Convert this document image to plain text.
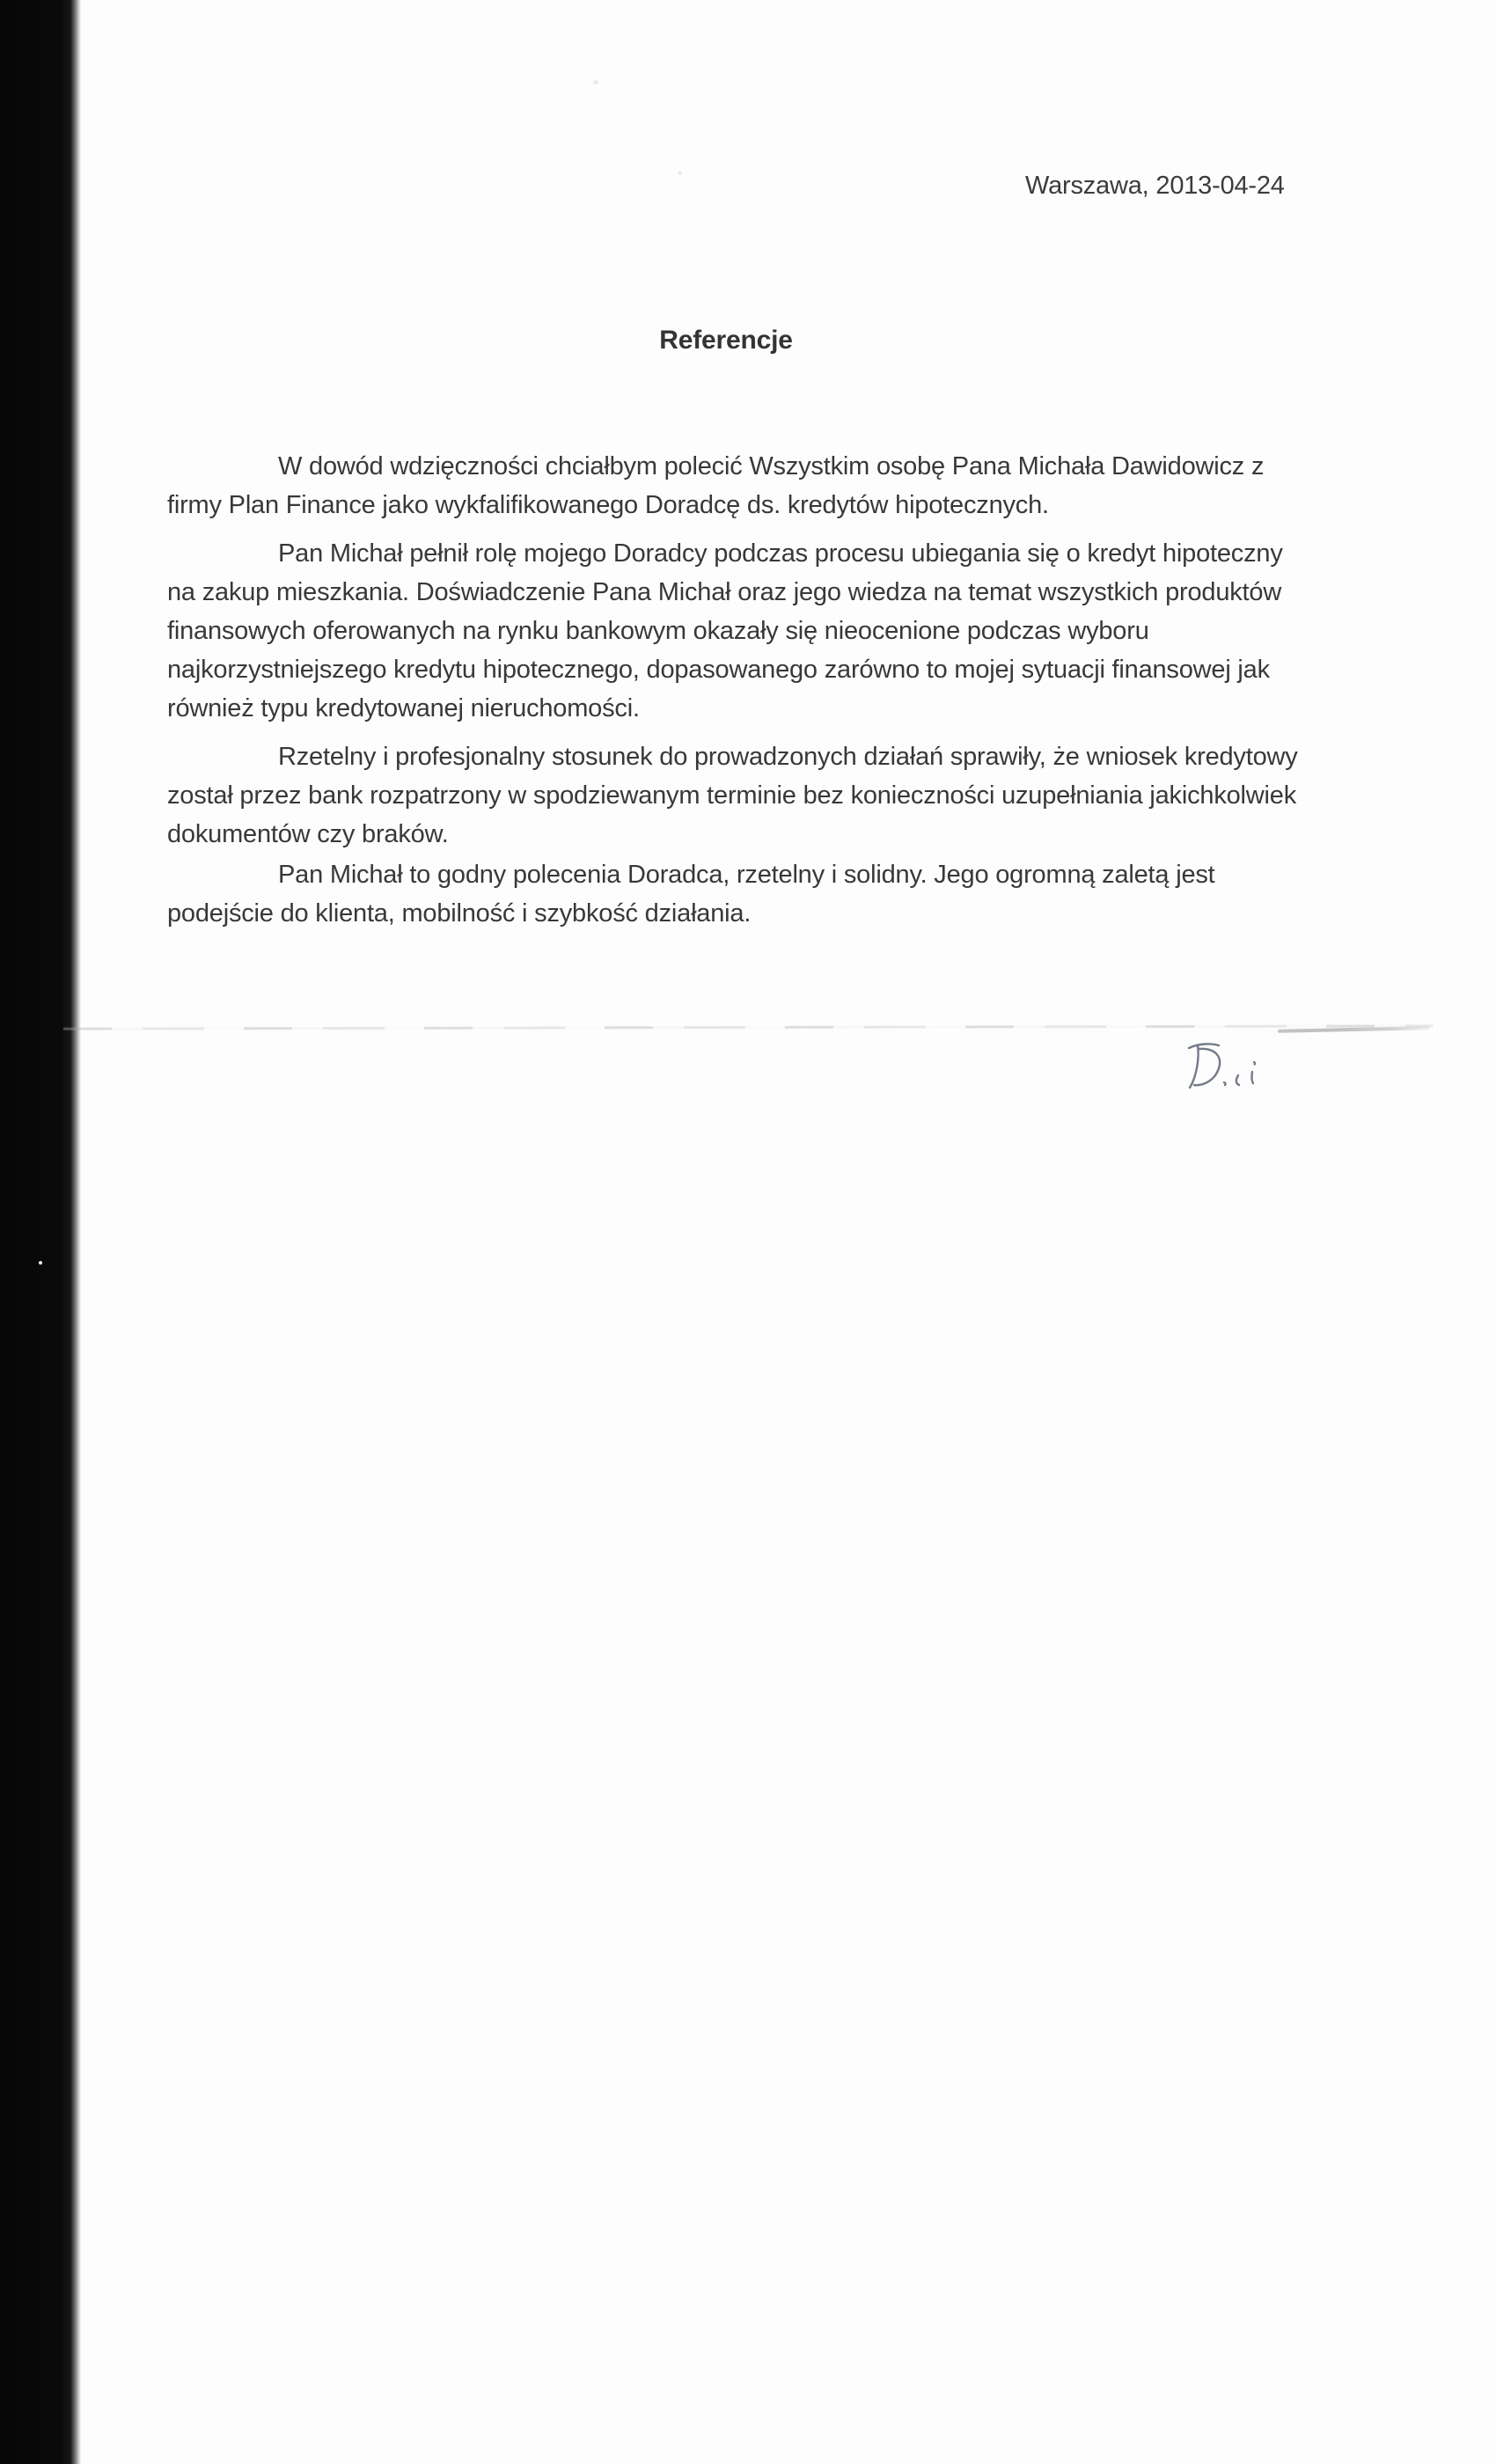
Warszawa, 2013-04-24
Referencje
W dowód wdzięczności chciałbym polecić Wszystkim osobę Pana Michała Dawidowicz z
firmy Plan Finance jako wykfalifikowanego Doradcę ds. kredytów hipotecznych.
Pan Michał pełnił rolę mojego Doradcy podczas procesu ubiegania się o kredyt hipoteczny
na zakup mieszkania. Doświadczenie Pana Michał oraz jego wiedza na temat wszystkich produktów
finansowych oferowanych na rynku bankowym okazały się nieocenione podczas wyboru
najkorzystniejszego kredytu hipotecznego, dopasowanego zarówno to mojej sytuacji finansowej jak
również typu kredytowanej nieruchomości.
Rzetelny i profesjonalny stosunek do prowadzonych działań sprawiły, że wniosek kredytowy
został przez bank rozpatrzony w spodziewanym terminie bez konieczności uzupełniania jakichkolwiek
dokumentów czy braków.
Pan Michał to godny polecenia Doradca, rzetelny i solidny. Jego ogromną zaletą jest
podejście do klienta, mobilność i szybkość działania.
